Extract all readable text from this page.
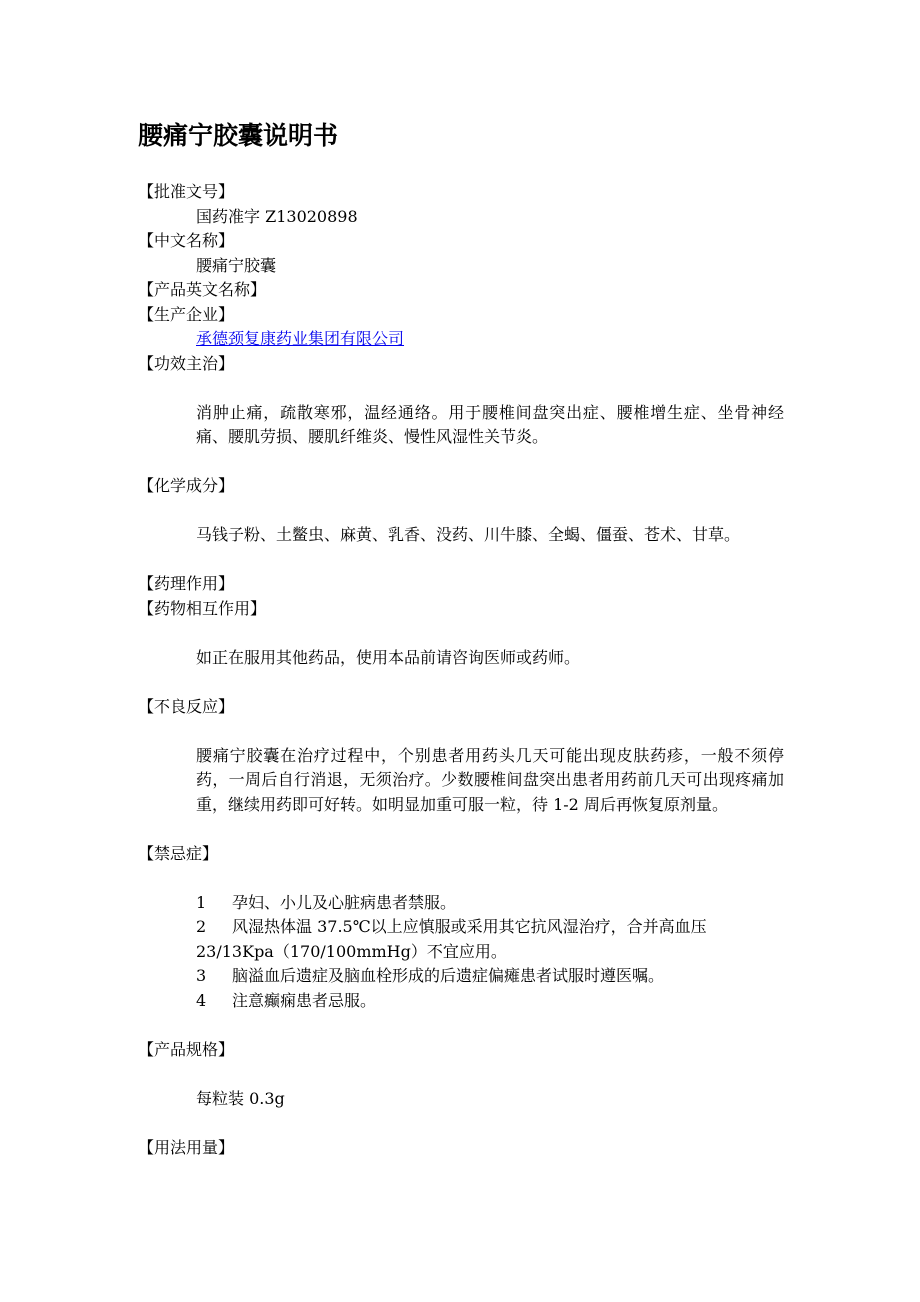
腰痛宁胶囊说明书

【批准文号】

国药准字 Z13020898

【中文名称】

腰痛宁胶囊

【产品英文名称】

【生产企业】

承德颈复康药业集团有限公司

【功效主治】

消肿止痛，疏散寒邪，温经通络。用于腰椎间盘突出症、腰椎增生症、坐骨神经痛、腰肌劳损、腰肌纤维炎、慢性风湿性关节炎。

【化学成分】

马钱子粉、土鳖虫、麻黄、乳香、没药、川牛膝、全蝎、僵蚕、苍术、甘草。

【药理作用】

【药物相互作用】

如正在服用其他药品，使用本品前请咨询医师或药师。

【不良反应】

腰痛宁胶囊在治疗过程中，个别患者用药头几天可能出现皮肤药疹，一般不须停药，一周后自行消退，无须治疗。少数腰椎间盘突出患者用药前几天可出现疼痛加重，继续用药即可好转。如明显加重可服一粒，待 1-2 周后再恢复原剂量。

【禁忌症】

1 孕妇、小儿及心脏病患者禁服。

2 风湿热体温 37.5℃以上应慎服或采用其它抗风湿治疗，合并高血压 23/13Kpa（170/100mmHg）不宜应用。

3 脑溢血后遗症及脑血栓形成的后遗症偏瘫患者试服时遵医嘱。

4 注意癫痫患者忌服。

【产品规格】

每粒装 0.3g

【用法用量】
